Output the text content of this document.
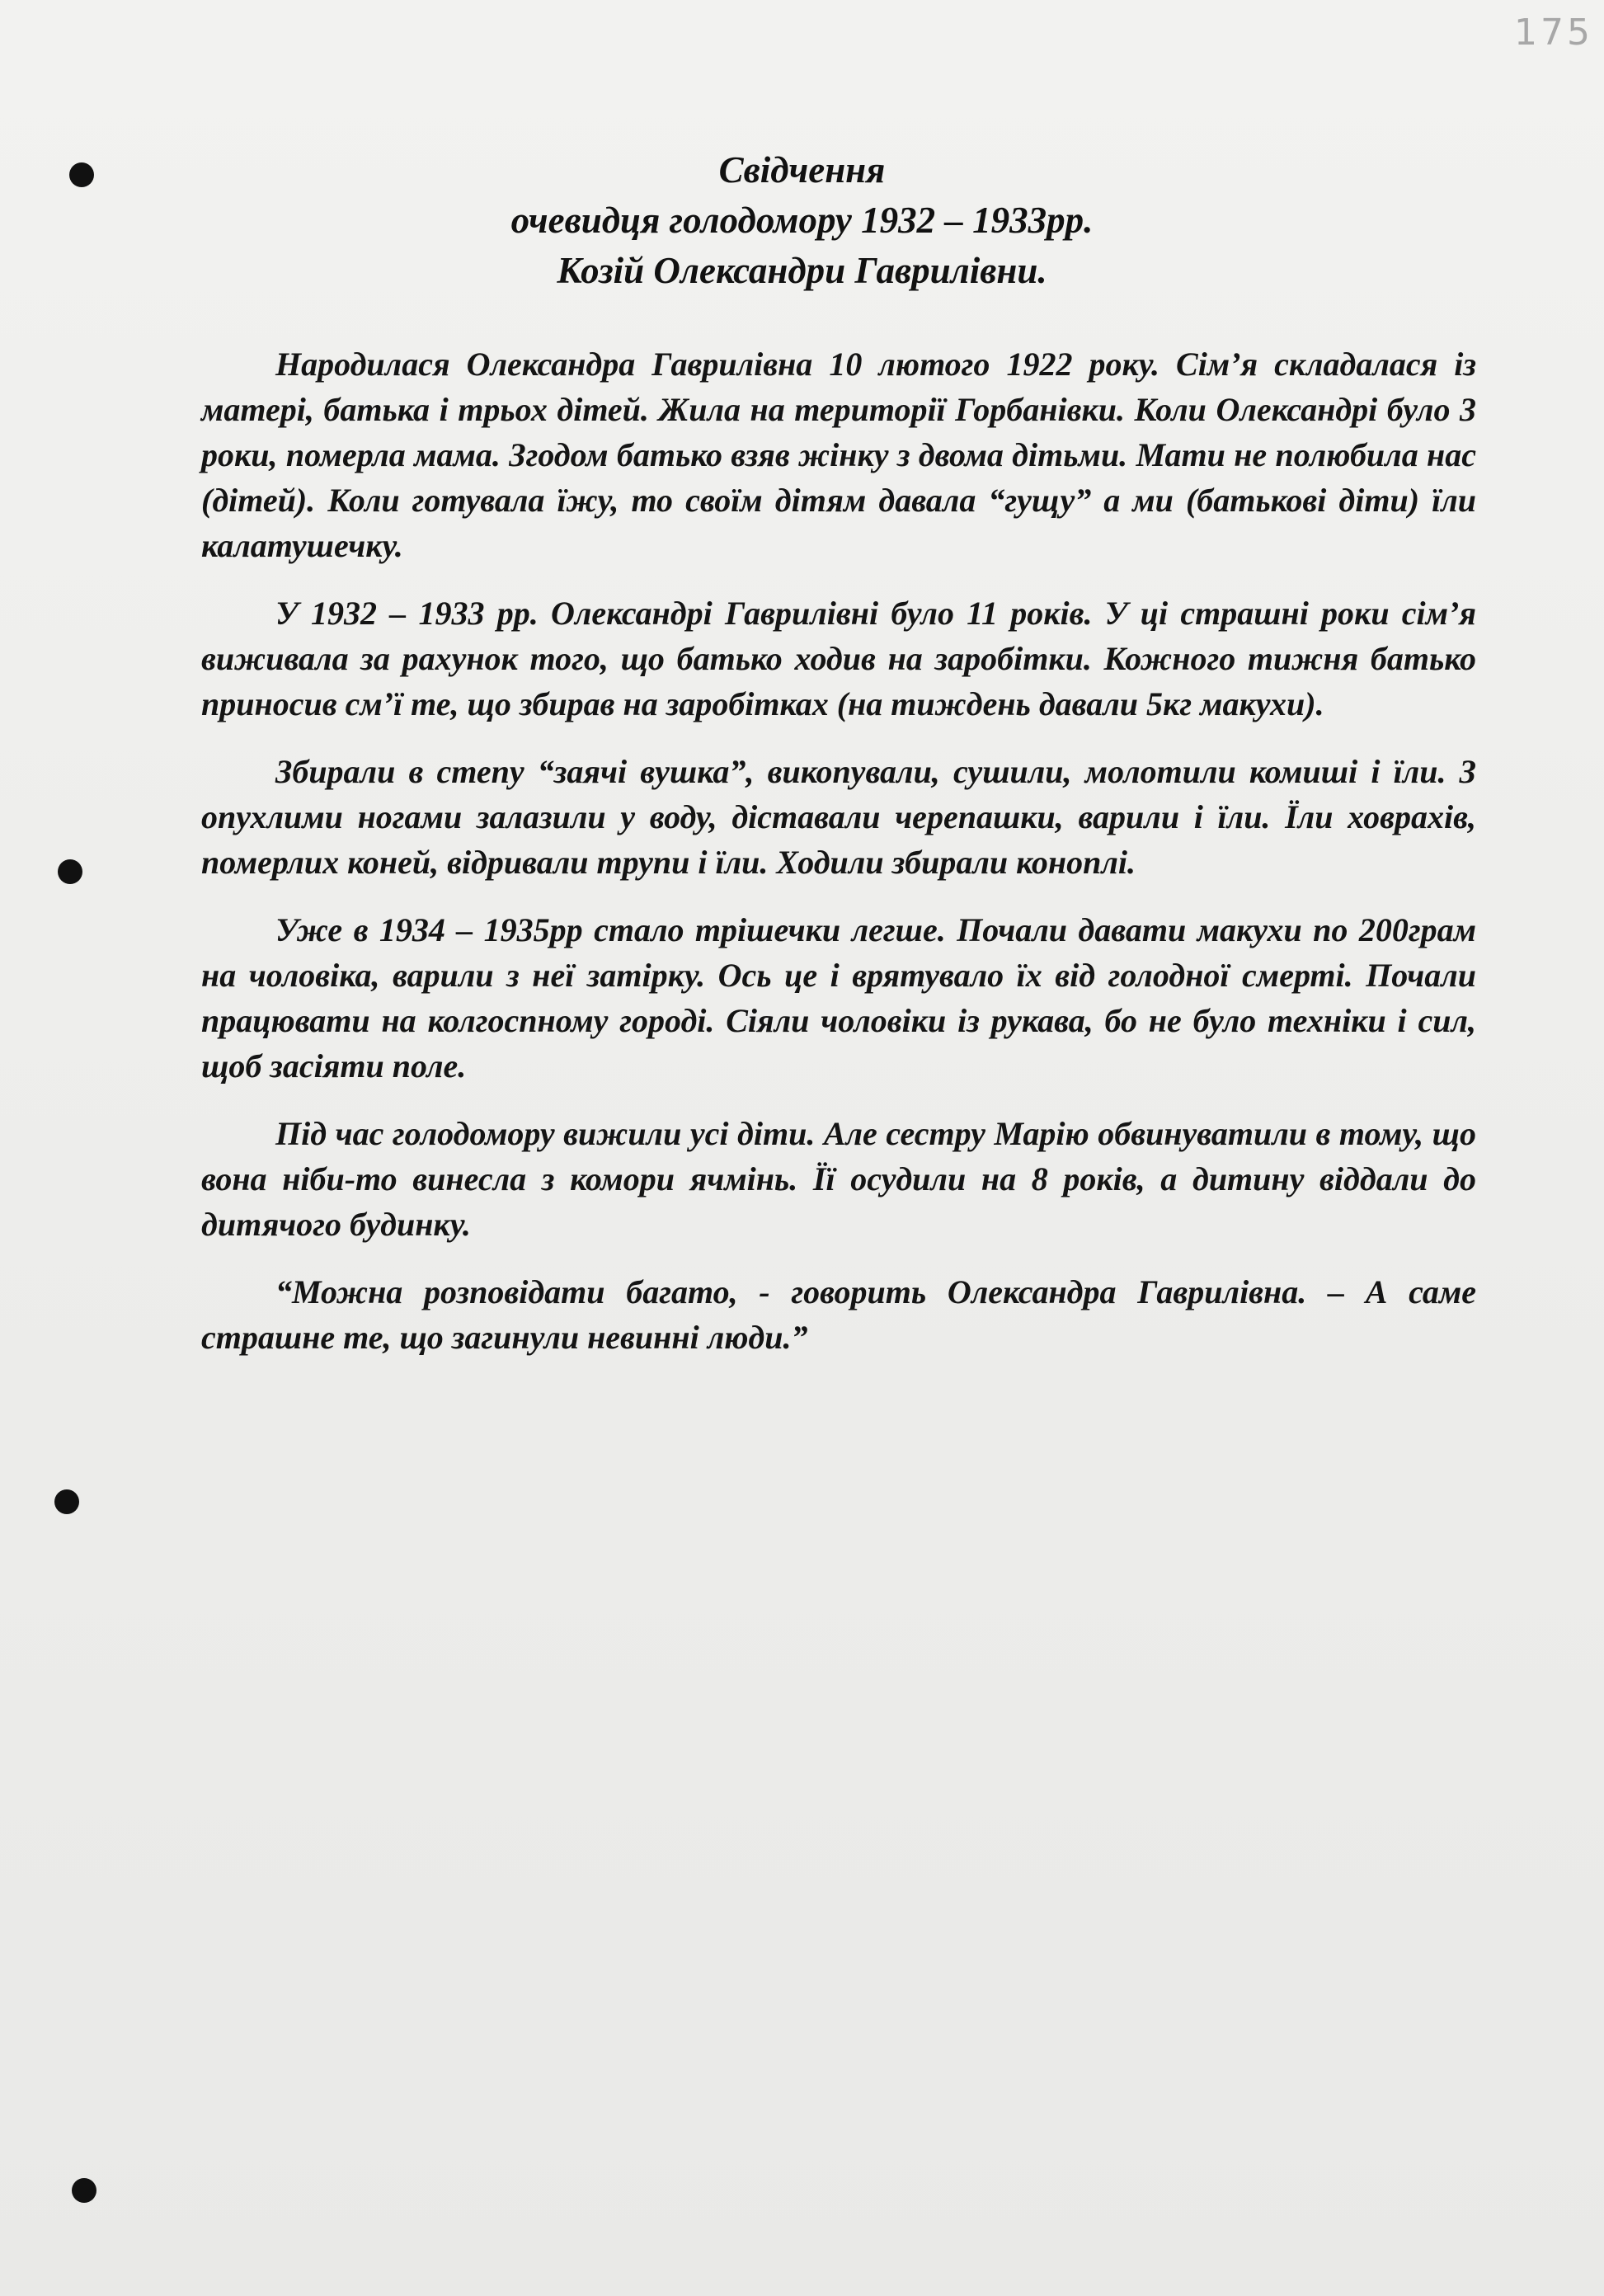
175
Свідчення
очевидця голодомору 1932 – 1933рр.
Козій Олександри Гаврилівни.

Народилася Олександра Гаврилівна 10 лютого 1922 року. Сім’я складалася із матері, батька і трьох дітей. Жила на території Горбанівки. Коли Олександрі було 3 роки, померла мама. Згодом батько взяв жінку з двома дітьми. Мати не полюбила нас (дітей). Коли готувала їжу, то своїм дітям давала “гущу” а ми (батькові діти) їли калатушечку.

У 1932 – 1933 рр. Олександрі Гаврилівні було 11 років. У ці страшні роки сім’я виживала за рахунок того, що батько ходив на заробітки. Кожного тижня батько приносив см’ї те, що збирав на заробітках (на тиждень давали 5кг макухи).

Збирали в степу “заячі вушка”, викопували, сушили, молотили комиші і їли. З опухлими ногами залазили у воду, діставали черепашки, варили і їли. Їли ховрахів, померлих коней, відривали трупи і їли. Ходили збирали коноплі.

Уже в 1934 – 1935рр стало трішечки легше. Почали давати макухи по 200грам на чоловіка, варили з неї затірку. Ось це і врятувало їх від голодної смерті. Почали працювати на колгоспному городі. Сіяли чоловіки із рукава, бо не було техніки і сил, щоб засіяти поле.

Під час голодомору вижили усі діти. Але сестру Марію обвинуватили в тому, що вона ніби-то винесла з комори ячмінь. Її осудили на 8 років, а дитину віддали до дитячого будинку.

“Можна розповідати багато, - говорить Олександра Гаврилівна. – А саме страшне те, що загинули невинні люди.”
